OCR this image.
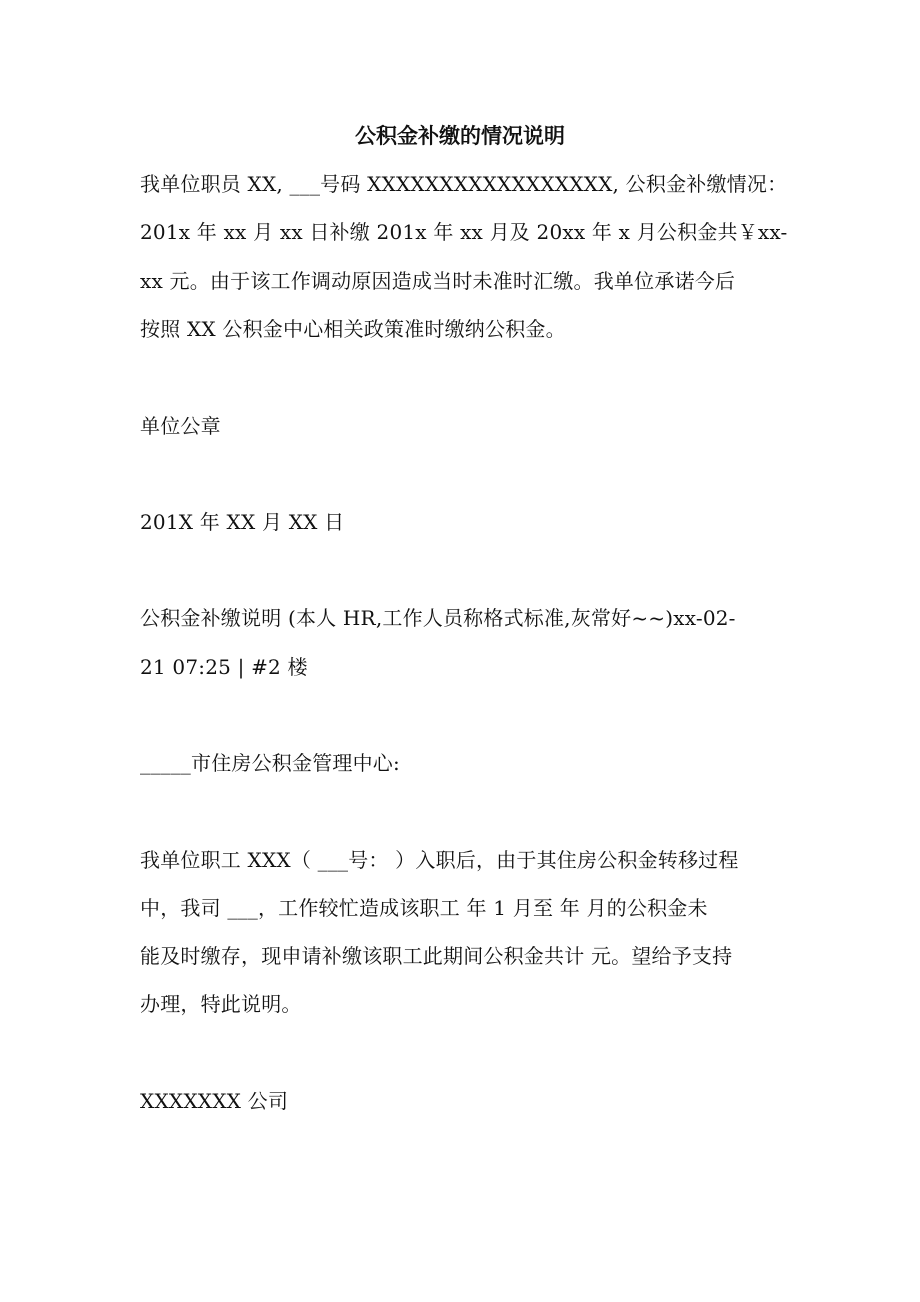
公积金补缴的情况说明
我单位职员 XX, ___号码 XXXXXXXXXXXXXXXXX, 公积金补缴情况：
201x 年 xx 月 xx 日补缴 201x 年 xx 月及 20xx 年 x 月公积金共￥xx-
xx 元。由于该工作调动原因造成当时未准时汇缴。我单位承诺今后
按照 XX 公积金中心相关政策准时缴纳公积金。
单位公章
201X 年 XX 月 XX 日
公积金补缴说明 (本人 HR,工作人员称格式标准,灰常好~~)xx-02-
21 07:25 | #2 楼
_____市住房公积金管理中心:
我单位职工 XXX（ ___号： ）入职后，由于其住房公积金转移过程
中，我司 ___，工作较忙造成该职工 年 1 月至 年 月的公积金未
能及时缴存，现申请补缴该职工此期间公积金共计 元。望给予支持
办理，特此说明。
XXXXXXX 公司
